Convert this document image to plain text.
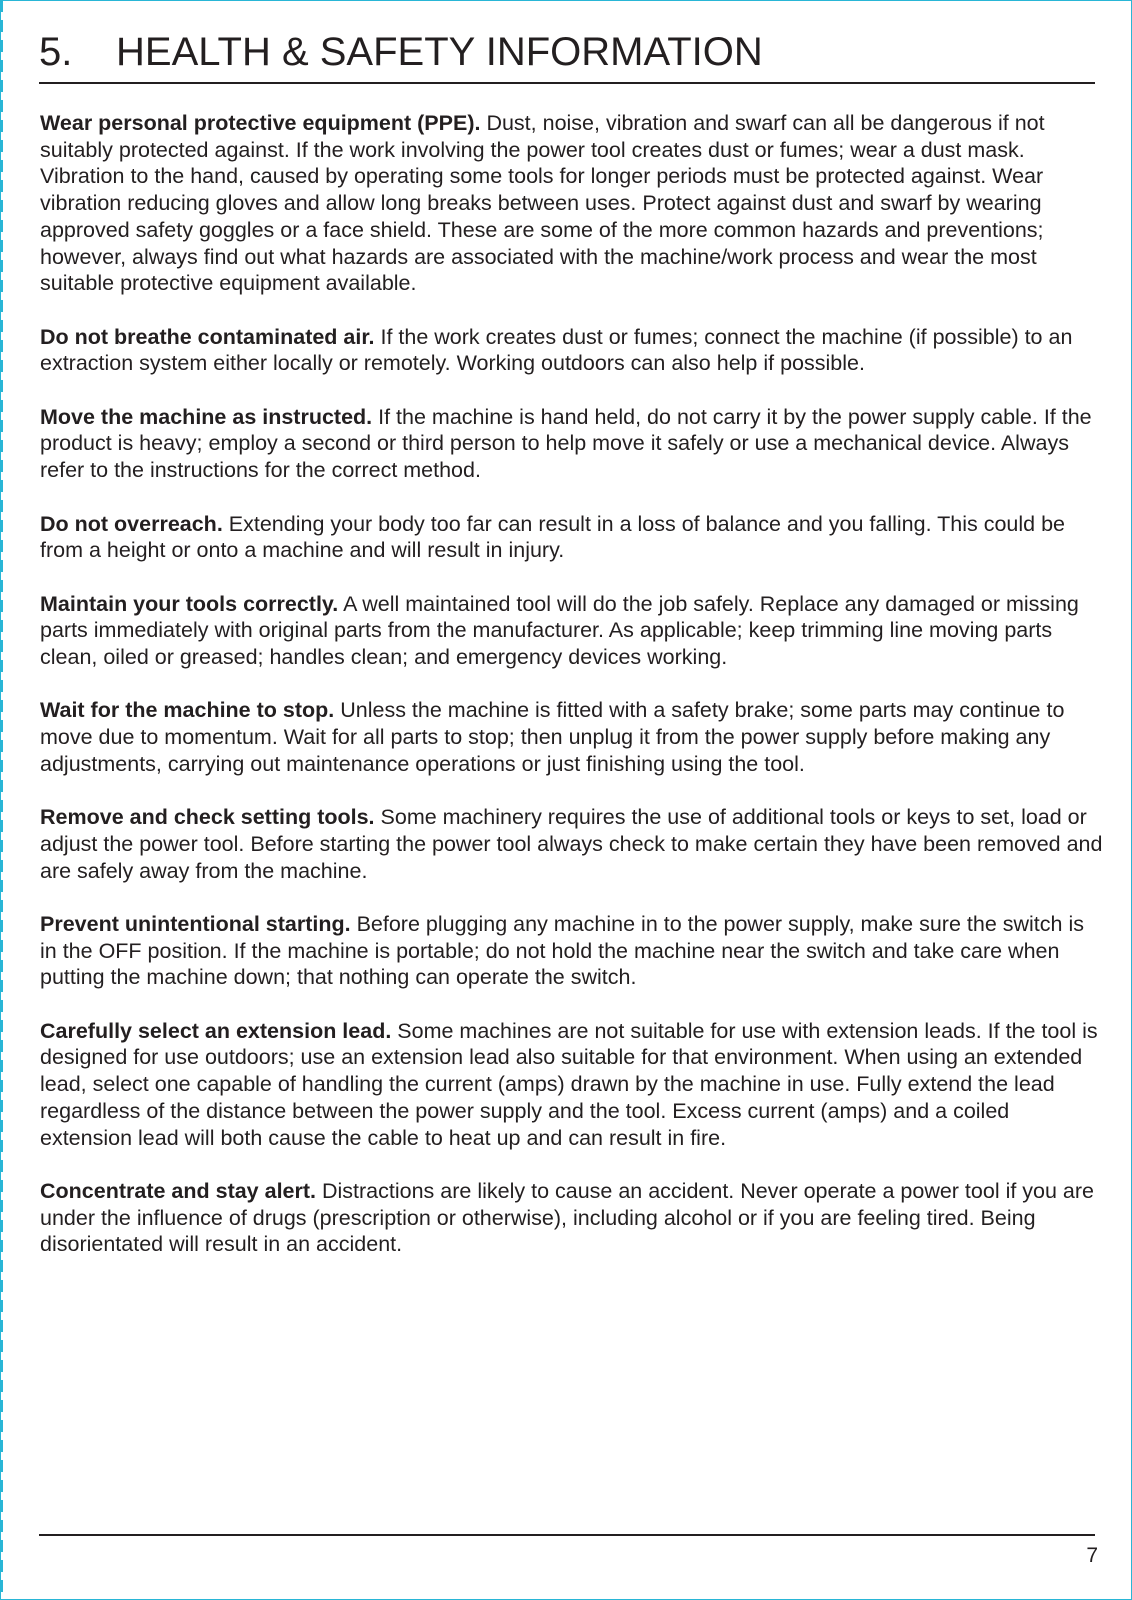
5. HEALTH & SAFETY INFORMATION

Wear personal protective equipment (PPE). Dust, noise, vibration and swarf can all be dangerous if not suitably protected against. If the work involving the power tool creates dust or fumes; wear a dust mask. Vibration to the hand, caused by operating some tools for longer periods must be protected against. Wear vibration reducing gloves and allow long breaks between uses. Protect against dust and swarf by wearing approved safety goggles or a face shield. These are some of the more common hazards and preventions; however, always find out what hazards are associated with the machine/work process and wear the most suitable protective equipment available.

Do not breathe contaminated air. If the work creates dust or fumes; connect the machine (if possible) to an extraction system either locally or remotely. Working outdoors can also help if possible.

Move the machine as instructed. If the machine is hand held, do not carry it by the power supply cable. If the product is heavy; employ a second or third person to help move it safely or use a mechanical device. Always refer to the instructions for the correct method.

Do not overreach. Extending your body too far can result in a loss of balance and you falling. This could be from a height or onto a machine and will result in injury.

Maintain your tools correctly. A well maintained tool will do the job safely. Replace any damaged or missing parts immediately with original parts from the manufacturer. As applicable; keep trimming line moving parts clean, oiled or greased; handles clean; and emergency devices working.

Wait for the machine to stop. Unless the machine is fitted with a safety brake; some parts may continue to move due to momentum. Wait for all parts to stop; then unplug it from the power supply before making any adjustments, carrying out maintenance operations or just finishing using the tool.

Remove and check setting tools. Some machinery requires the use of additional tools or keys to set, load or adjust the power tool. Before starting the power tool always check to make certain they have been removed and are safely away from the machine.

Prevent unintentional starting. Before plugging any machine in to the power supply, make sure the switch is in the OFF position. If the machine is portable; do not hold the machine near the switch and take care when putting the machine down; that nothing can operate the switch.

Carefully select an extension lead. Some machines are not suitable for use with extension leads. If the tool is designed for use outdoors; use an extension lead also suitable for that environment. When using an extended lead, select one capable of handling the current (amps) drawn by the machine in use. Fully extend the lead regardless of the distance between the power supply and the tool. Excess current (amps) and a coiled extension lead will both cause the cable to heat up and can result in fire.

Concentrate and stay alert. Distractions are likely to cause an accident. Never operate a power tool if you are under the influence of drugs (prescription or otherwise), including alcohol or if you are feeling tired. Being disorientated will result in an accident.

7
